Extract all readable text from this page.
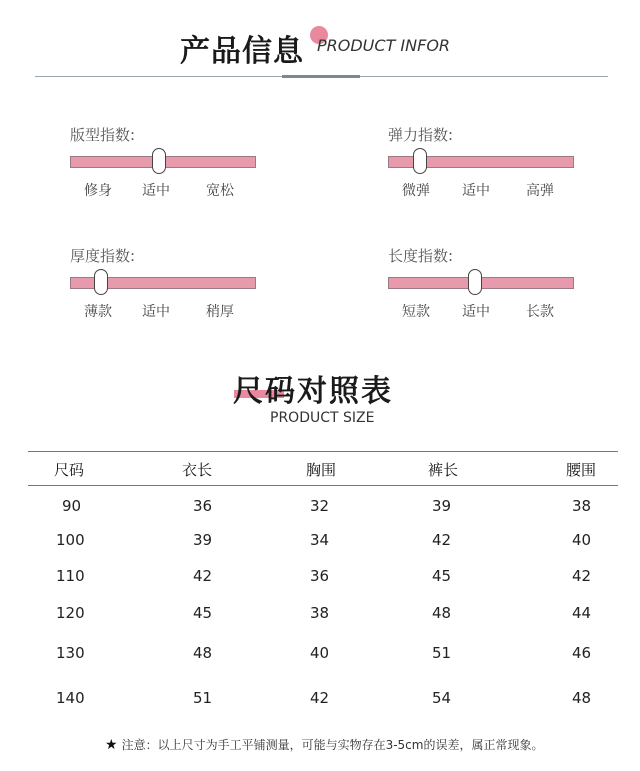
产品信息 PRODUCT INFOR
版型指数:
修身 适中	宽松
弹力指数:
微弹 适中	高弹
厚度指数:
薄款 适中	稍厚
长度指数:
短款 适中	长款
尺码对照表
PRODUCT SIZE
尺码	衣长	胸围	裤长	腰围
90	36	32	39	38
100	39	34	42	40
110	42	36	45	42
120	45	38	48	44
130	48	40	51	46
140	51	42	54	48
★ 注意：以上尺寸为手工平铺测量，可能与实物存在3-5cm的误差，属正常现象。
